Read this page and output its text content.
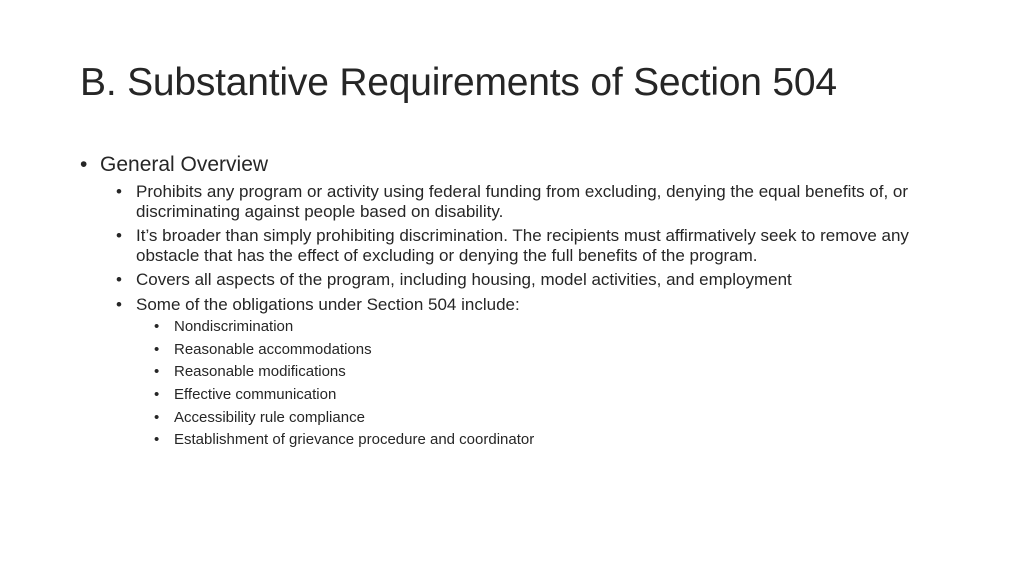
B. Substantive Requirements of Section 504
• General Overview
• Prohibits any program or activity using federal funding from excluding, denying the equal benefits of, or discriminating against people based on disability.
• It’s broader than simply prohibiting discrimination. The recipients must affirmatively seek to remove any obstacle that has the effect of excluding or denying the full benefits of the program.
• Covers all aspects of the program, including housing, model activities, and employment
• Some of the obligations under Section 504 include:
• Nondiscrimination
• Reasonable accommodations
• Reasonable modifications
• Effective communication
• Accessibility rule compliance
• Establishment of grievance procedure and coordinator
